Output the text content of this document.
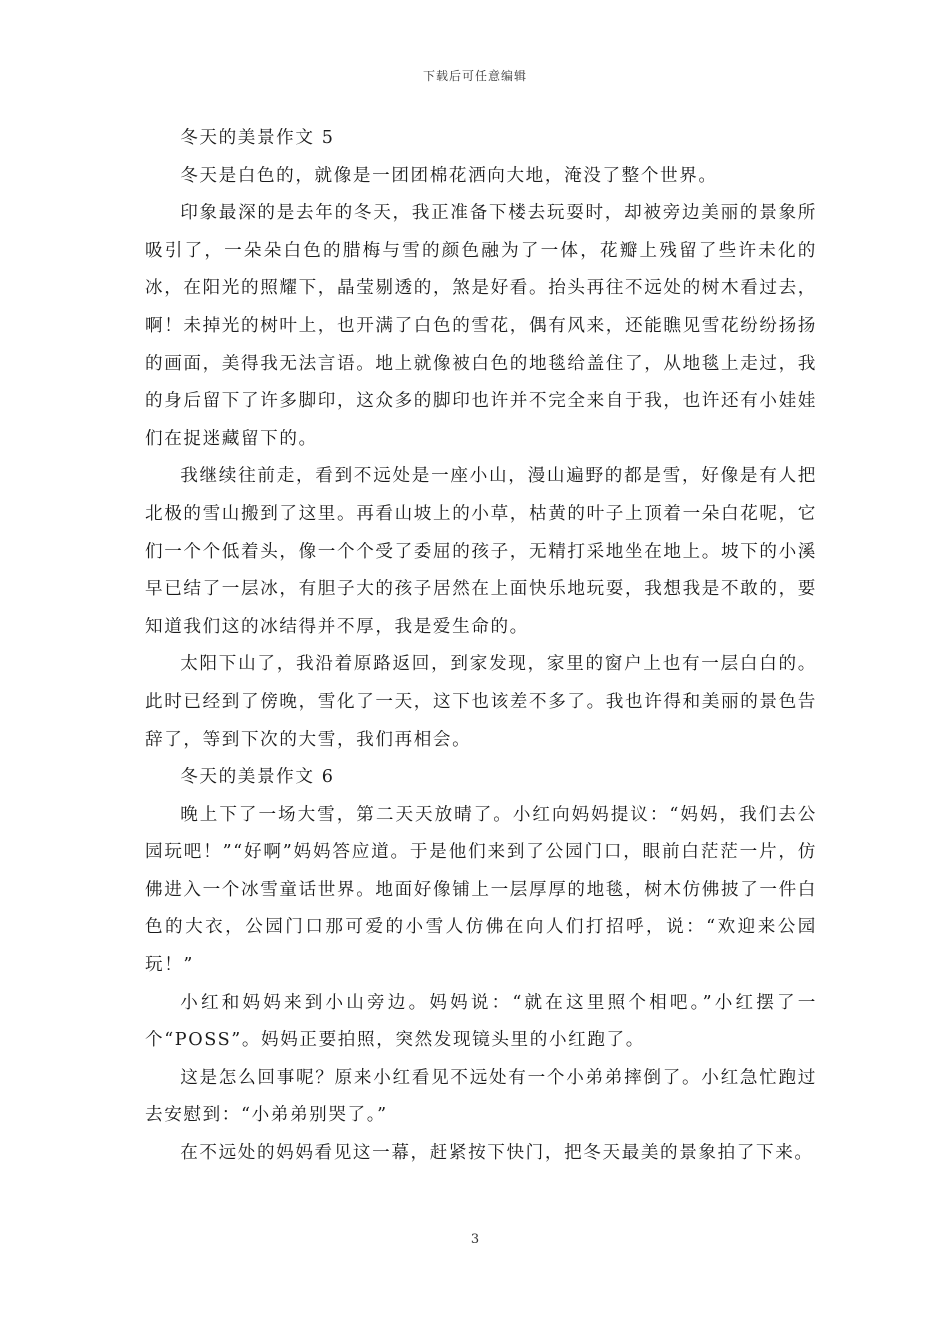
下载后可任意编辑

冬天的美景作文 5

冬天是白色的，就像是一团团棉花洒向大地，淹没了整个世界。

印象最深的是去年的冬天，我正准备下楼去玩耍时，却被旁边美丽的景象所吸引了，一朵朵白色的腊梅与雪的颜色融为了一体，花瓣上残留了些许未化的冰，在阳光的照耀下，晶莹剔透的，煞是好看。抬头再往不远处的树木看过去，啊！未掉光的树叶上，也开满了白色的雪花，偶有风来，还能瞧见雪花纷纷扬扬的画面，美得我无法言语。地上就像被白色的地毯给盖住了，从地毯上走过，我的身后留下了许多脚印，这众多的脚印也许并不完全来自于我，也许还有小娃娃们在捉迷藏留下的。

我继续往前走，看到不远处是一座小山，漫山遍野的都是雪，好像是有人把北极的雪山搬到了这里。再看山坡上的小草，枯黄的叶子上顶着一朵白花呢，它们一个个低着头，像一个个受了委屈的孩子，无精打采地坐在地上。坡下的小溪早已结了一层冰，有胆子大的孩子居然在上面快乐地玩耍，我想我是不敢的，要知道我们这的冰结得并不厚，我是爱生命的。

太阳下山了，我沿着原路返回，到家发现，家里的窗户上也有一层白白的。此时已经到了傍晚，雪化了一天，这下也该差不多了。我也许得和美丽的景色告辞了，等到下次的大雪，我们再相会。

冬天的美景作文 6

晚上下了一场大雪，第二天天放晴了。小红向妈妈提议：“妈妈，我们去公园玩吧！”“好啊”妈妈答应道。于是他们来到了公园门口，眼前白茫茫一片，仿佛进入一个冰雪童话世界。地面好像铺上一层厚厚的地毯，树木仿佛披了一件白色的大衣，公园门口那可爱的小雪人仿佛在向人们打招呼，说：“欢迎来公园玩！”

小红和妈妈来到小山旁边。妈妈说：“就在这里照个相吧。”小红摆了一个“POSS”。妈妈正要拍照，突然发现镜头里的小红跑了。

这是怎么回事呢？原来小红看见不远处有一个小弟弟摔倒了。小红急忙跑过去安慰到：“小弟弟别哭了。”

在不远处的妈妈看见这一幕，赶紧按下快门，把冬天最美的景象拍了下来。

3
